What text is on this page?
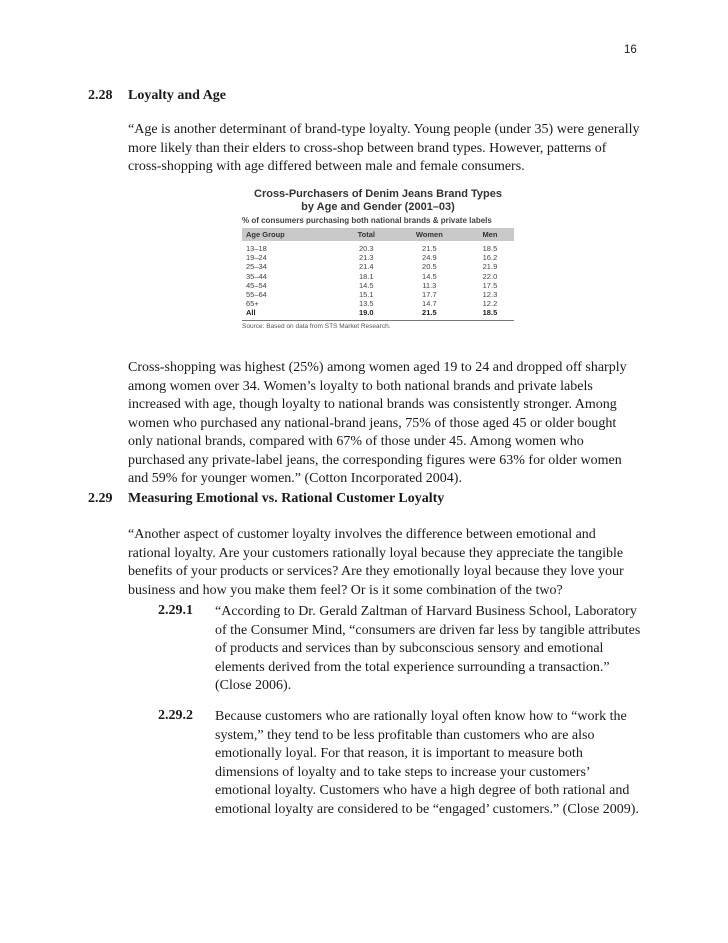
16
2.28 Loyalty and Age

“Age is another determinant of brand-type loyalty. Young people (under 35) were generally more likely than their elders to cross-shop between brand types. However, patterns of cross-shopping with age differed between male and female consumers.

Cross-Purchasers of Denim Jeans Brand Types
by Age and Gender (2001–03)
% of consumers purchasing both national brands & private labels
Age Group	Total	Women	Men
13–18	20.3	21.5	18.5
19–24	21.3	24.9	16.2
25–34	21.4	20.5	21.9
35–44	18.1	14.5	22.0
45–54	14.5	11.3	17.5
55–64	15.1	17.7	12.3
65+	13.5	14.7	12.2
All	19.0	21.5	18.5
Source: Based on data from STS Market Research.

Cross-shopping was highest (25%) among women aged 19 to 24 and dropped off sharply among women over 34. Women’s loyalty to both national brands and private labels increased with age, though loyalty to national brands was consistently stronger. Among women who purchased any national-brand jeans, 75% of those aged 45 or older bought only national brands, compared with 67% of those under 45. Among women who purchased any private-label jeans, the corresponding figures were 63% for older women and 59% for younger women.” (Cotton Incorporated 2004).

2.29 Measuring Emotional vs. Rational Customer Loyalty

“Another aspect of customer loyalty involves the difference between emotional and rational loyalty. Are your customers rationally loyal because they appreciate the tangible benefits of your products or services? Are they emotionally loyal because they love your business and how you make them feel? Or is it some combination of the two?

2.29.1 “According to Dr. Gerald Zaltman of Harvard Business School, Laboratory of the Consumer Mind, “consumers are driven far less by tangible attributes of products and services than by subconscious sensory and emotional elements derived from the total experience surrounding a transaction.” (Close 2006).

2.29.2 Because customers who are rationally loyal often know how to “work the system,” they tend to be less profitable than customers who are also emotionally loyal. For that reason, it is important to measure both dimensions of loyalty and to take steps to increase your customers’ emotional loyalty. Customers who have a high degree of both rational and emotional loyalty are considered to be “engaged’ customers.” (Close 2009).
